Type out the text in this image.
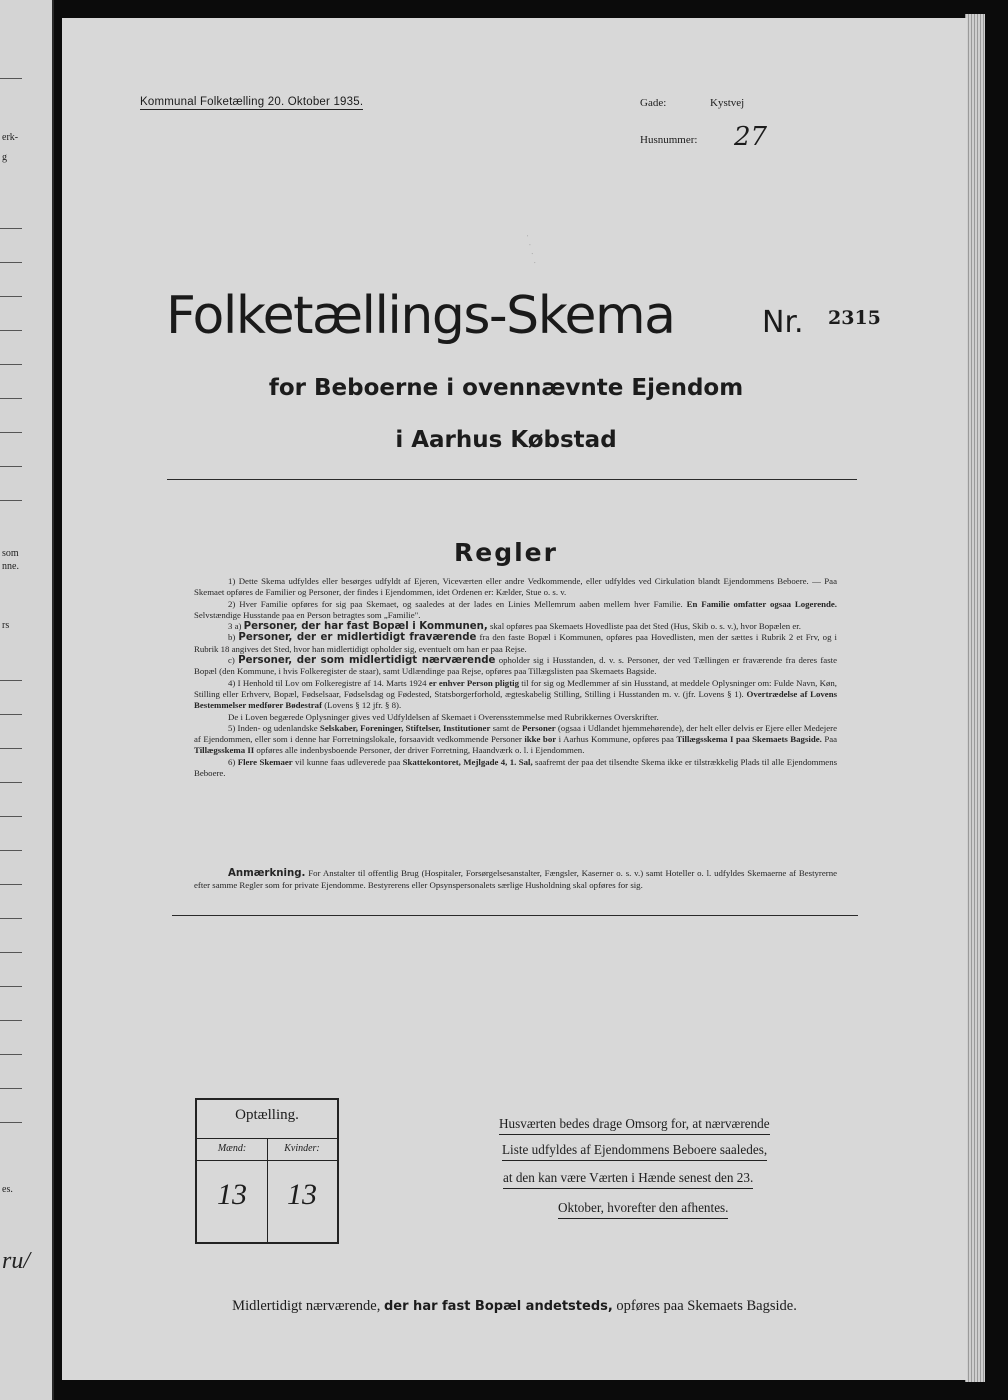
erk-
g
som
nne.
rs
es.
ru/
· · · ·
Kommunal Folketælling 20. Oktober 1935.	Gade:	Kystvej
Husnummer: 27
Folketællings-Skema	Nr. 2315
for Beboerne i ovennævnte Ejendom
i Aarhus Købstad
Regler

1) Dette Skema udfyldes eller besørges udfyldt af Ejeren, Viceværten eller andre Vedkommende, eller udfyldes ved Cirkulation blandt Ejendommens Beboere. — Paa Skemaet opføres de Familier og Personer, der findes i Ejendommen, idet Ordenen er: Kælder, Stue o. s. v.

2) Hver Familie opføres for sig paa Skemaet, og saaledes at der lades en Linies Mellemrum aaben mellem hver Familie. En Familie omfatter ogsaa Logerende. Selvstændige Husstande paa en Person betragtes som „Familie".

3 a) Personer, der har fast Bopæl i Kommunen, skal opføres paa Skemaets Hovedliste paa det Sted (Hus, Skib o. s. v.), hvor Bopælen er.

b) Personer, der er midlertidigt fraværende fra den faste Bopæl i Kommunen, opføres paa Hovedlisten, men der sættes i Rubrik 2 et Frv, og i Rubrik 18 angives det Sted, hvor han midlertidigt opholder sig, eventuelt om han er paa Rejse.

c) Personer, der som midlertidigt nærværende opholder sig i Husstanden, d. v. s. Personer, der ved Tællingen er fraværende fra deres faste Bopæl (den Kommune, i hvis Folkeregister de staar), samt Udlændinge paa Rejse, opføres paa Tillægslisten paa Skemaets Bagside.

4) I Henhold til Lov om Folkeregistre af 14. Marts 1924 er enhver Person pligtig til for sig og Medlemmer af sin Husstand, at meddele Oplysninger om: Fulde Navn, Køn, Stilling eller Erhverv, Bopæl, Fødselsaar, Fødselsdag og Fødested, Statsborgerforhold, ægteskabelig Stilling, Stilling i Husstanden m. v. (jfr. Lovens § 1). Overtrædelse af Lovens Bestemmelser medfører Bødestraf (Lovens § 12 jfr. § 8).

De i Loven begærede Oplysninger gives ved Udfyldelsen af Skemaet i Overensstemmelse med Rubrikkernes Overskrifter.

5) Inden- og udenlandske Selskaber, Foreninger, Stiftelser, Institutioner samt de Personer (ogsaa i Udlandet hjemmehørende), der helt eller delvis er Ejere eller Medejere af Ejendommen, eller som i denne har Forretningslokale, forsaavidt vedkommende Personer ikke bor i Aarhus Kommune, opføres paa Tillægsskema I paa Skemaets Bagside. Paa Tillægsskema II opføres alle indenbysboende Personer, der driver Forretning, Haandværk o. l. i Ejendommen.

6) Flere Skemaer vil kunne faas udleverede paa Skattekontoret, Mejlgade 4, 1. Sal, saafremt der paa det tilsendte Skema ikke er tilstrækkelig Plads til alle Ejendommens Beboere.

Anmærkning. For Anstalter til offentlig Brug (Hospitaler, Forsørgelsesanstalter, Fængsler, Kaserner o. s. v.) samt Hoteller o. l. udfyldes Skemaerne af Bestyrerne efter samme Regler som for private Ejendomme. Bestyrerens eller Opsynspersonalets særlige Husholdning skal opføres for sig.

Optælling.
Mænd:	Kvinder:
13	13
Husværten bedes drage Omsorg for, at nærværende
Liste udfyldes af Ejendommens Beboere saaledes,
at den kan være Værten i Hænde senest den 23.
Oktober, hvorefter den afhentes.
Midlertidigt nærværende, der har fast Bopæl andetsteds, opføres paa Skemaets Bagside.
